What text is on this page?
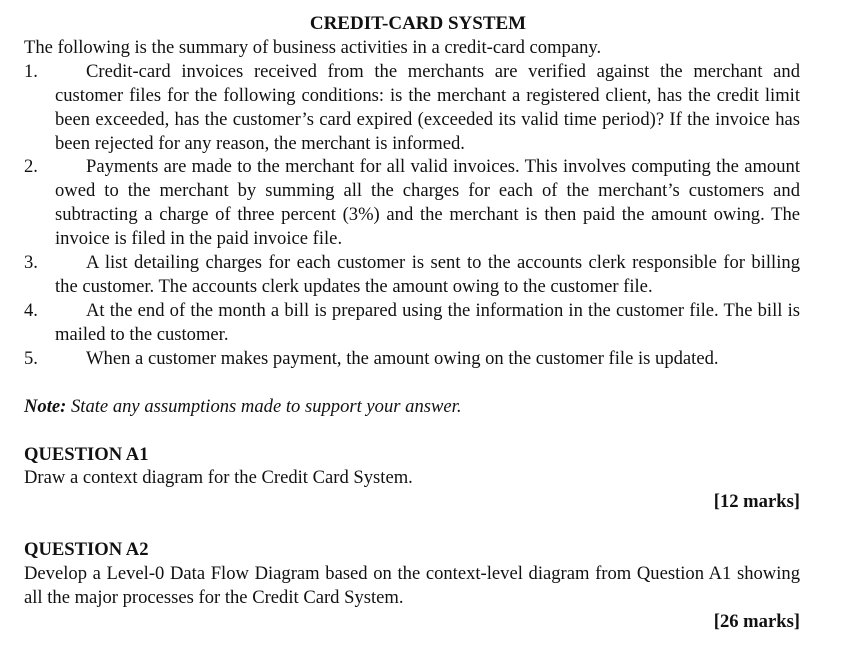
CREDIT-CARD SYSTEM

The following is the summary of business activities in a credit-card company.

1.	Credit-card invoices received from the merchants are verified against the merchant and customer files for the following conditions: is the merchant a registered client, has the credit limit been exceeded, has the customer’s card expired (exceeded its valid time period)? If the invoice has been rejected for any reason, the merchant is informed.
2.	Payments are made to the merchant for all valid invoices. This involves computing the amount owed to the merchant by summing all the charges for each of the merchant’s customers and subtracting a charge of three percent (3%) and the merchant is then paid the amount owing. The invoice is filed in the paid invoice file.
3.	A list detailing charges for each customer is sent to the accounts clerk responsible for billing the customer. The accounts clerk updates the amount owing to the customer file.
4.	At the end of the month a bill is prepared using the information in the customer file. The bill is mailed to the customer.
5.	When a customer makes payment, the amount owing on the customer file is updated.

Note: State any assumptions made to support your answer.

QUESTION A1

Draw a context diagram for the Credit Card System.

[12 marks]

QUESTION A2

Develop a Level-0 Data Flow Diagram based on the context-level diagram from Question A1 showing all the major processes for the Credit Card System.

[26 marks]
